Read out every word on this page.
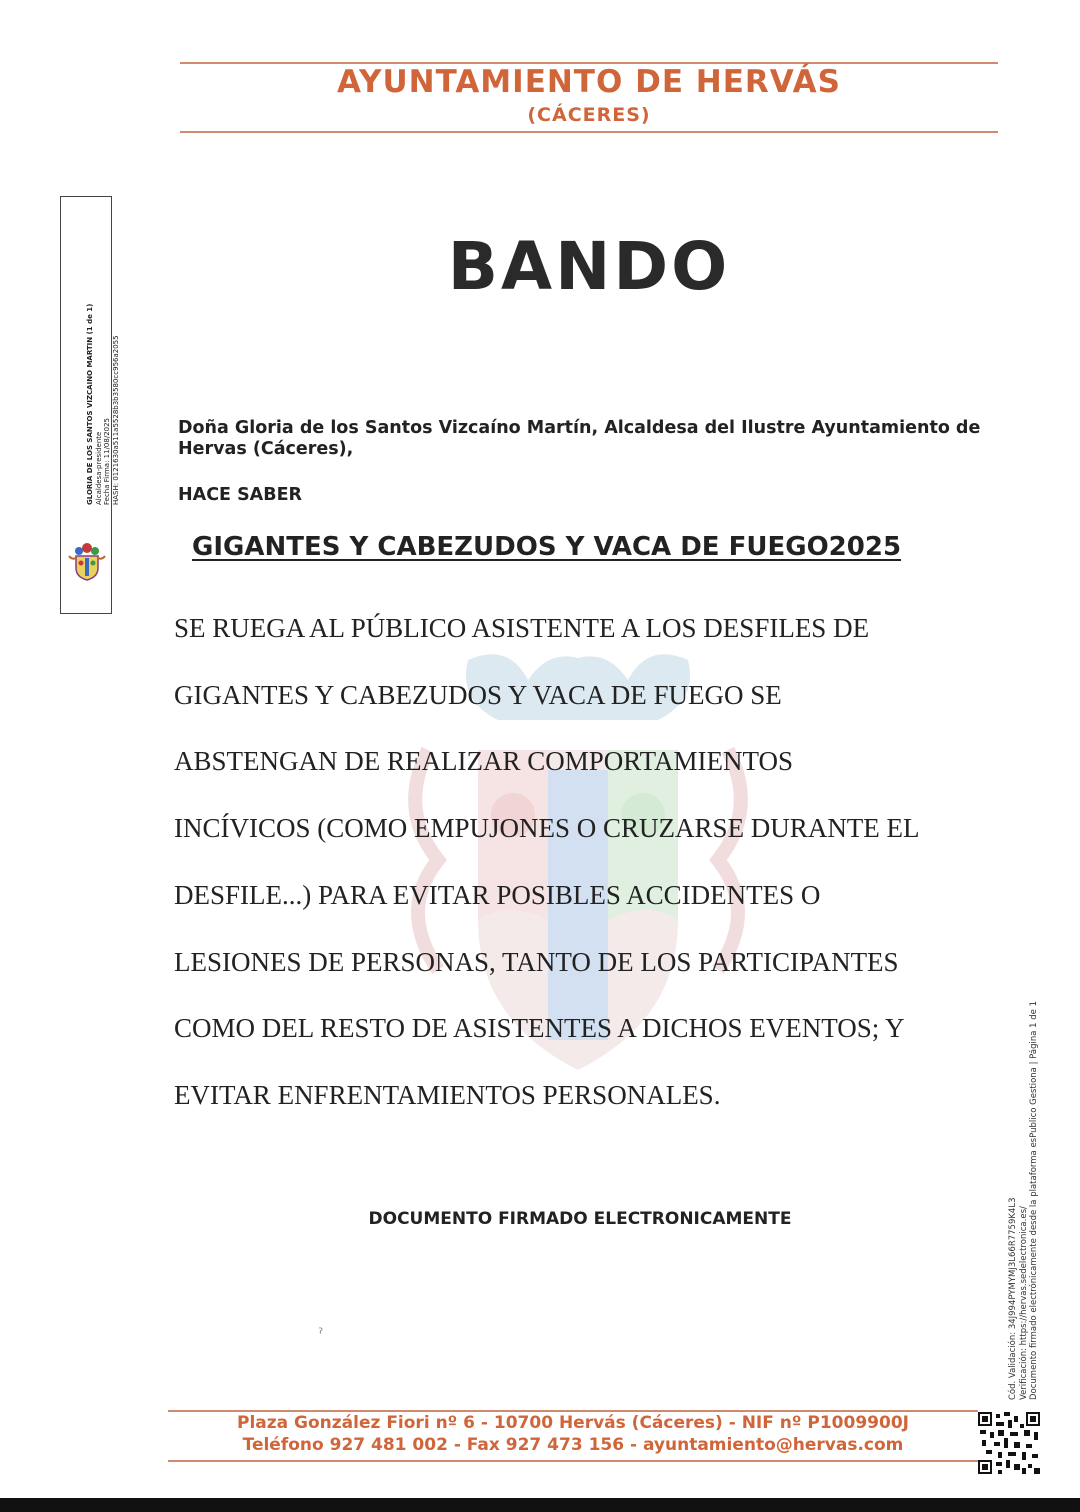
AYUNTAMIENTO DE HERVÁS
(CÁCERES)
GLORIA DE LOS SANTOS VIZCAINO MARTIN (1 de 1) Alcaldesa-presidente Fecha Firma: 11/08/2025 HASH: 0121630a511a5528b3b3580cc956a2055
BANDO
Doña Gloria de los Santos Vizcaíno Martín, Alcaldesa del Ilustre Ayuntamiento de Hervas (Cáceres),
HACE SABER
GIGANTES Y CABEZUDOS Y VACA DE FUEGO2025
SE RUEGA AL PÚBLICO ASISTENTE A LOS DESFILES DE
GIGANTES Y CABEZUDOS Y VACA DE FUEGO SE
ABSTENGAN DE REALIZAR COMPORTAMIENTOS
INCÍVICOS (COMO EMPUJONES O CRUZARSE DURANTE EL
DESFILE...) PARA EVITAR POSIBLES ACCIDENTES O
LESIONES DE PERSONAS, TANTO DE LOS PARTICIPANTES
COMO DEL RESTO DE ASISTENTES A DICHOS EVENTOS; Y
EVITAR ENFRENTAMIENTOS PERSONALES.
DOCUMENTO FIRMADO ELECTRONICAMENTE
ˀ	Cód. Validación: 34J994PYMYMJ3L66R7759K4L3 Verificación: https://hervas.sedelectronica.es/ Documento firmado electrónicamente desde la plataforma esPublico Gestiona | Página 1 de 1
Plaza González Fiori nº 6 - 10700 Hervás (Cáceres) - NIF nº P1009900J
Teléfono 927 481 002 - Fax 927 473 156 - ayuntamiento@hervas.com
